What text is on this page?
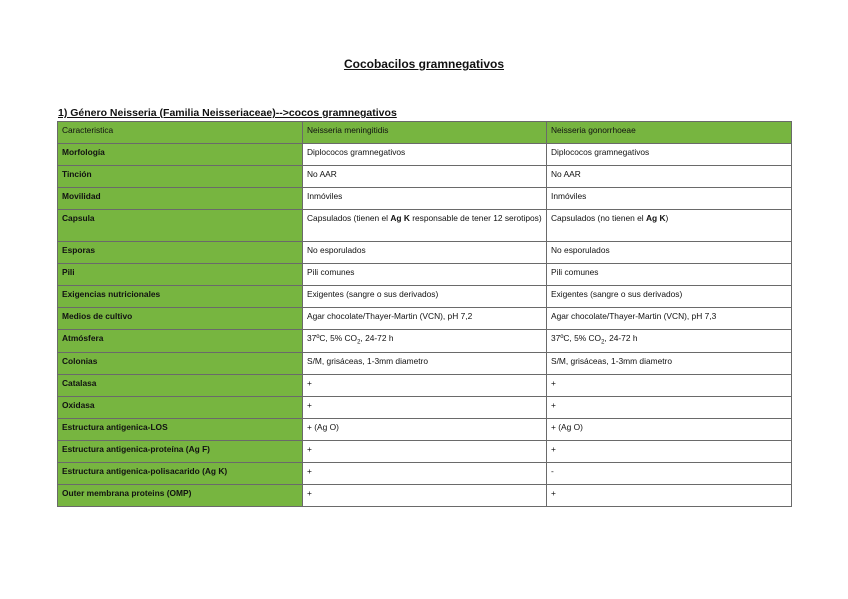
Cocobacilos gramnegativos
1) Género Neisseria (Familia Neisseriaceae)-->cocos gramnegativos
Caracteristica	Neisseria meningitidis	Neisseria gonorrhoeae
Morfología	Diplococos gramnegativos	Diplococos gramnegativos
Tinción	No AAR	No AAR
Movilidad	Inmóviles	Inmóviles
Capsula	Capsulados (tienen el Ag K responsable de tener 12 serotipos)	Capsulados (no tienen el Ag K)
Esporas	No esporulados	No esporulados
Pili	Pili comunes	Pili comunes
Exigencias nutricionales	Exigentes (sangre o sus derivados)	Exigentes (sangre o sus derivados)
Medios de cultivo	Agar chocolate/Thayer-Martin (VCN), pH 7,2	Agar chocolate/Thayer-Martin (VCN), pH 7,3
Atmósfera	37ºC, 5% $CO_2$, 24-72 h	37ºC, 5% $CO_2$, 24-72 h
Colonias	S/M, grisáceas, 1-3mm diametro	S/M, grisáceas, 1-3mm diametro
Catalasa	+	+
Oxidasa	+	+
Estructura antigenica-LOS	+ (Ag O)	+ (Ag O)
Estructura antigenica-proteína (Ag F)	+	+
Estructura antigenica-polisacarido (Ag K)	+	-
Outer membrana proteins (OMP)	+	+
